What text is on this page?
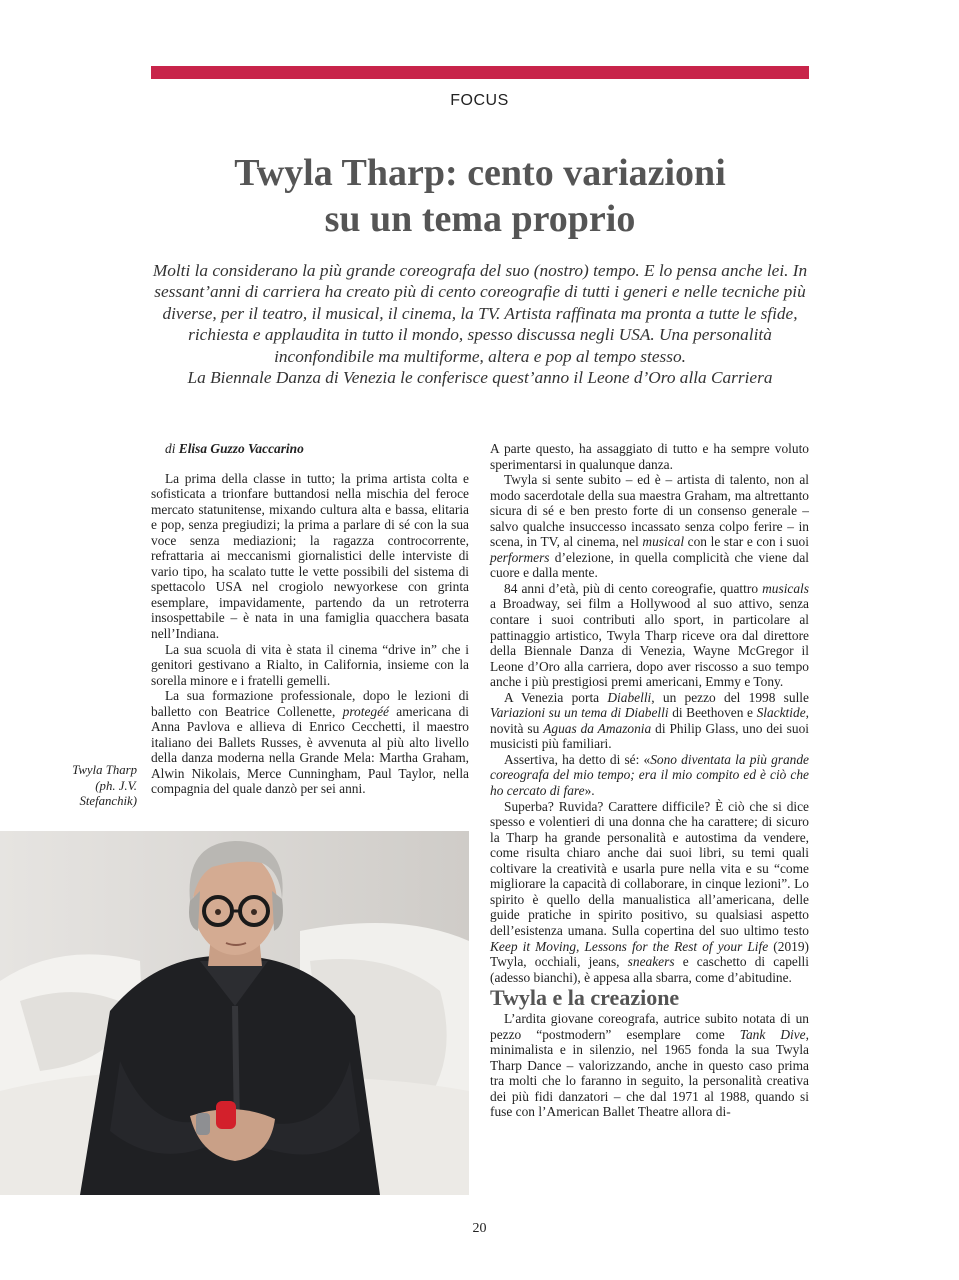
FOCUS
Twyla Tharp: cento variazioni
su un tema proprio

Molti la considerano la più grande coreografa del suo (nostro) tempo. E lo pensa anche lei. In sessant’anni di carriera ha creato più di cento coreografie di tutti i generi e nelle tecniche più diverse, per il teatro, il musical, il cinema, la TV. Artista raffinata ma pronta a tutte le sfide, richiesta e applaudita in tutto il mondo, spesso discussa negli USA. Una personalità inconfondibile ma multiforme, altera e pop al tempo stesso.

La Biennale Danza di Venezia le conferisce quest’anno il Leone d’Oro alla Carriera

di Elisa Guzzo Vaccarino

La prima della classe in tutto; la prima artista colta e sofisticata a trionfare buttandosi nella mischia del feroce mercato statunitense, mixando cultura alta e bassa, elitaria e pop, senza pregiudizi; la prima a parlare di sé con la sua voce senza mediazioni; la ragazza controcorrente, refrattaria ai meccanismi giornalistici delle interviste di vario tipo, ha scalato tutte le vette possibili del sistema di spettacolo USA nel crogiolo newyorkese con grinta esemplare, impavidamente, partendo da un retroterra insospettabile – è nata in una famiglia quacchera basata nell’Indiana.

La sua scuola di vita è stata il cinema “drive in” che i genitori gestivano a Rialto, in California, insieme con la sorella minore e i fratelli gemelli.

La sua formazione professionale, dopo le lezioni di balletto con Beatrice Collenette, protegéé americana di Anna Pavlova e allieva di Enrico Cecchetti, il maestro italiano dei Ballets Russes, è avvenuta al più alto livello della danza moderna nella Grande Mela: Martha Graham, Alwin Nikolais, Merce Cunningham, Paul Taylor, nella compagnia del quale danzò per sei anni.

Twyla Tharp
(ph. J.V.
Stefanchik)

A parte questo, ha assaggiato di tutto e ha sempre voluto sperimentarsi in qualunque danza.

Twyla si sente subito – ed è – artista di talento, non al modo sacerdotale della sua maestra Graham, ma altrettanto sicura di sé e ben presto forte di un consenso generale – salvo qualche insuccesso incassato senza colpo ferire – in scena, in TV, al cinema, nel musical con le star e con i suoi performers d’elezione, in quella complicità che viene dal cuore e dalla mente.

84 anni d’età, più di cento coreografie, quattro musicals a Broadway, sei film a Hollywood al suo attivo, senza contare i suoi contributi allo sport, in particolare al pattinaggio artistico, Twyla Tharp riceve ora dal direttore della Biennale Danza di Venezia, Wayne McGregor il Leone d’Oro alla carriera, dopo aver riscosso a suo tempo anche i più prestigiosi premi americani, Emmy e Tony.

A Venezia porta Diabelli, un pezzo del 1998 sulle Variazioni su un tema di Diabelli di Beethoven e Slacktide, novità su Aguas da Amazonia di Philip Glass, uno dei suoi musicisti più familiari.

Assertiva, ha detto di sé: «Sono diventata la più grande coreografa del mio tempo; era il mio compito ed è ciò che ho cercato di fare».

Superba? Ruvida? Carattere difficile? È ciò che si dice spesso e volentieri di una donna che ha carattere; di sicuro la Tharp ha grande personalità e autostima da vendere, come risulta chiaro anche dai suoi libri, su temi quali coltivare la creatività e usarla pure nella vita e su “come migliorare la capacità di collaborare, in cinque lezioni”. Lo spirito è quello della manualistica all’americana, delle guide pratiche in spirito positivo, su qualsiasi aspetto dell’esistenza umana. Sulla copertina del suo ultimo testo Keep it Moving, Lessons for the Rest of your Life (2019) Twyla, occhiali, jeans, sneakers e caschetto di capelli (adesso bianchi), è appesa alla sbarra, come d’abitudine.

Twyla e la creazione

L’ardita giovane coreografa, autrice subito notata di un pezzo “postmodern” esemplare come Tank Dive, minimalista e in silenzio, nel 1965 fonda la sua Twyla Tharp Dance – valorizzando, anche in questo caso prima tra molti che lo faranno in seguito, la personalità creativa dei più fidi danzatori – che dal 1971 al 1988, quando si fuse con l’American Ballet Theatre allora di-

20
